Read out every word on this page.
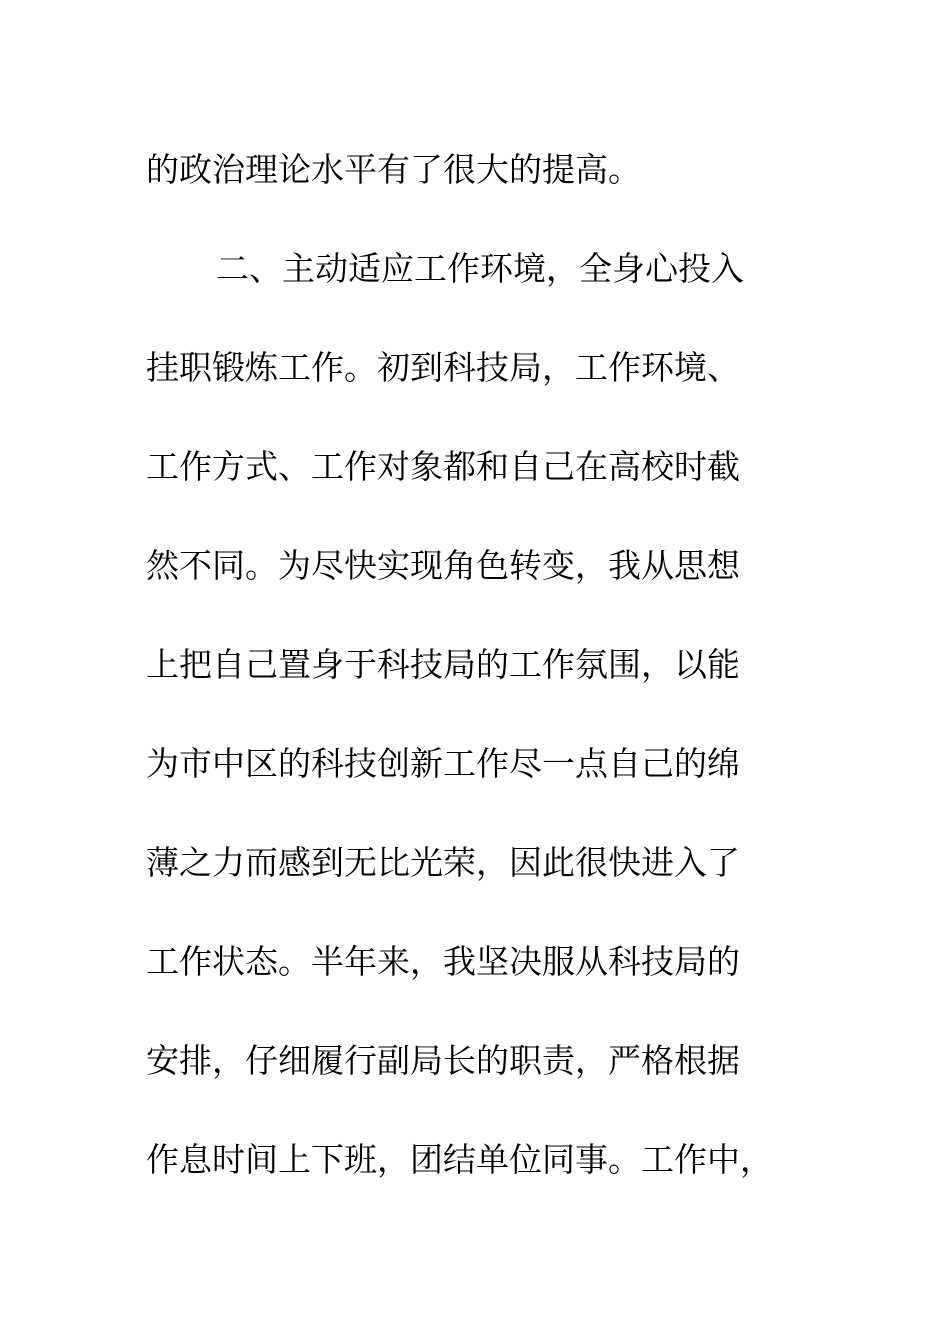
的政治理论水平有了很大的提高。
二、主动适应工作环境，全身心投入
挂职锻炼工作。初到科技局，工作环境、
工作方式、工作对象都和自己在高校时截
然不同。为尽快实现角色转变，我从思想
上把自己置身于科技局的工作氛围，以能
为市中区的科技创新工作尽一点自己的绵
薄之力而感到无比光荣，因此很快进入了
工作状态。半年来，我坚决服从科技局的
安排，仔细履行副局长的职责，严格根据
作息时间上下班，团结单位同事。工作中，
